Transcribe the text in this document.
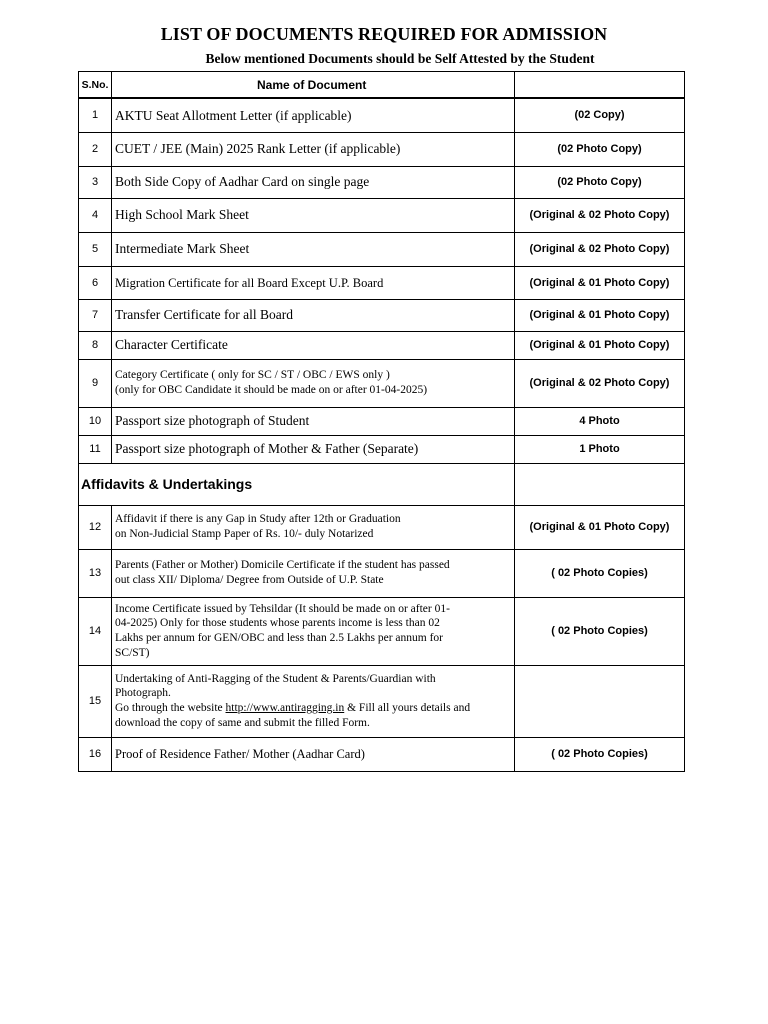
LIST OF DOCUMENTS REQUIRED FOR ADMISSION
Below mentioned Documents should be Self Attested by the Student
S.No.	Name of Document	
1	AKTU Seat Allotment Letter (if applicable)	(02 Copy)
2	CUET / JEE (Main) 2025 Rank Letter (if applicable)	(02 Photo Copy)
3	Both Side Copy of Aadhar Card on single page	(02 Photo Copy)
4	High School Mark Sheet	(Original & 02 Photo Copy)
5	Intermediate Mark Sheet	(Original & 02 Photo Copy)
6	Migration Certificate for all Board Except U.P. Board	(Original & 01 Photo Copy)
7	Transfer Certificate for all Board	(Original & 01 Photo Copy)
8	Character Certificate	(Original & 01 Photo Copy)
9	Category Certificate ( only for SC / ST / OBC / EWS only )
(only for OBC Candidate it should be made on or after 01-04-2025)	(Original & 02 Photo Copy)
10	Passport size photograph of Student	4 Photo
11	Passport size photograph of Mother & Father (Separate)	1 Photo
Affidavits & Undertakings		
12	Affidavit if there is any Gap in Study after 12th or Graduation
on Non-Judicial Stamp Paper of Rs. 10/- duly Notarized	(Original & 01 Photo Copy)
13	Parents (Father or Mother) Domicile Certificate if the student has passed
out class XII/ Diploma/ Degree from Outside of U.P. State	( 02 Photo Copies)
14	Income Certificate issued by Tehsildar (It should be made on or after 01-
04-2025) Only for those students whose parents income is less than 02
Lakhs per annum for GEN/OBC and less than 2.5 Lakhs per annum for
SC/ST)	( 02 Photo Copies)
15	Undertaking of Anti-Ragging of the Student & Parents/Guardian with
Photograph.
Go through the website http://www.antiragging.in & Fill all yours details and
download the copy of same and submit the filled Form.	

16	Proof of Residence Father/ Mother (Aadhar Card)	( 02 Photo Copies)
